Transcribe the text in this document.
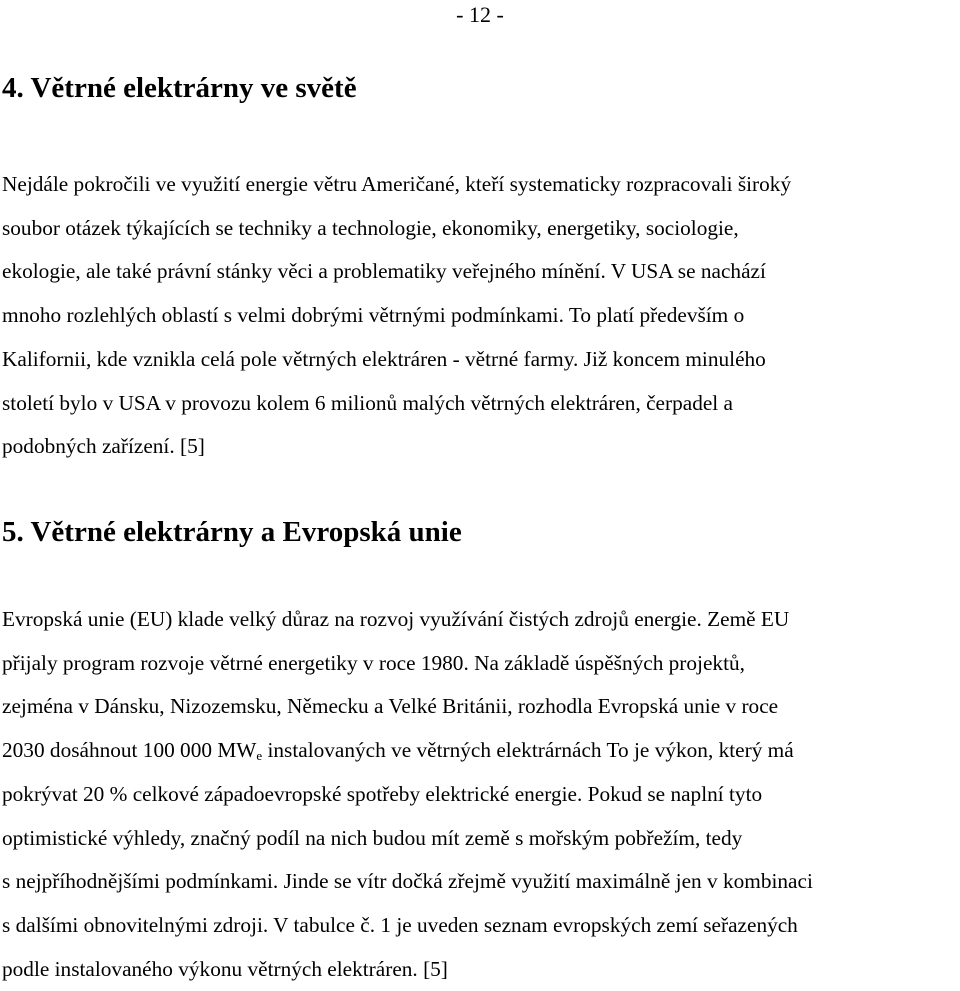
- 12 -
4. Větrné elektrárny ve světě
Nejdále pokročili ve využití energie větru Američané, kteří systematicky rozpracovali široký
soubor otázek týkajících se techniky a technologie, ekonomiky, energetiky, sociologie,
ekologie, ale také právní stánky věci a problematiky veřejného mínění. V USA se nachází
mnoho rozlehlých oblastí s velmi dobrými větrnými podmínkami. To platí především o
Kalifornii, kde vznikla celá pole větrných elektráren - větrné farmy. Již koncem minulého
století bylo v USA v provozu kolem 6 milionů malých větrných elektráren, čerpadel a
podobných zařízení. [5]
5. Větrné elektrárny a Evropská unie
Evropská unie (EU) klade velký důraz na rozvoj využívání čistých zdrojů energie. Země EU
přijaly program rozvoje větrné energetiky v roce 1980. Na základě úspěšných projektů,
zejména v Dánsku, Nizozemsku, Německu a Velké Británii, rozhodla Evropská unie v roce
2030 dosáhnout 100 000 $MW_e$ instalovaných ve větrných elektrárnách To je výkon, který má
pokrývat 20 % celkové západoevropské spotřeby elektrické energie. Pokud se naplní tyto
optimistické výhledy, značný podíl na nich budou mít země s mořským pobřežím, tedy
s nejpříhodnějšími podmínkami. Jinde se vítr dočká zřejmě využití maximálně jen v kombinaci
s dalšími obnovitelnými zdroji. V tabulce č. 1 je uveden seznam evropských zemí seřazených
podle instalovaného výkonu větrných elektráren. [5]
